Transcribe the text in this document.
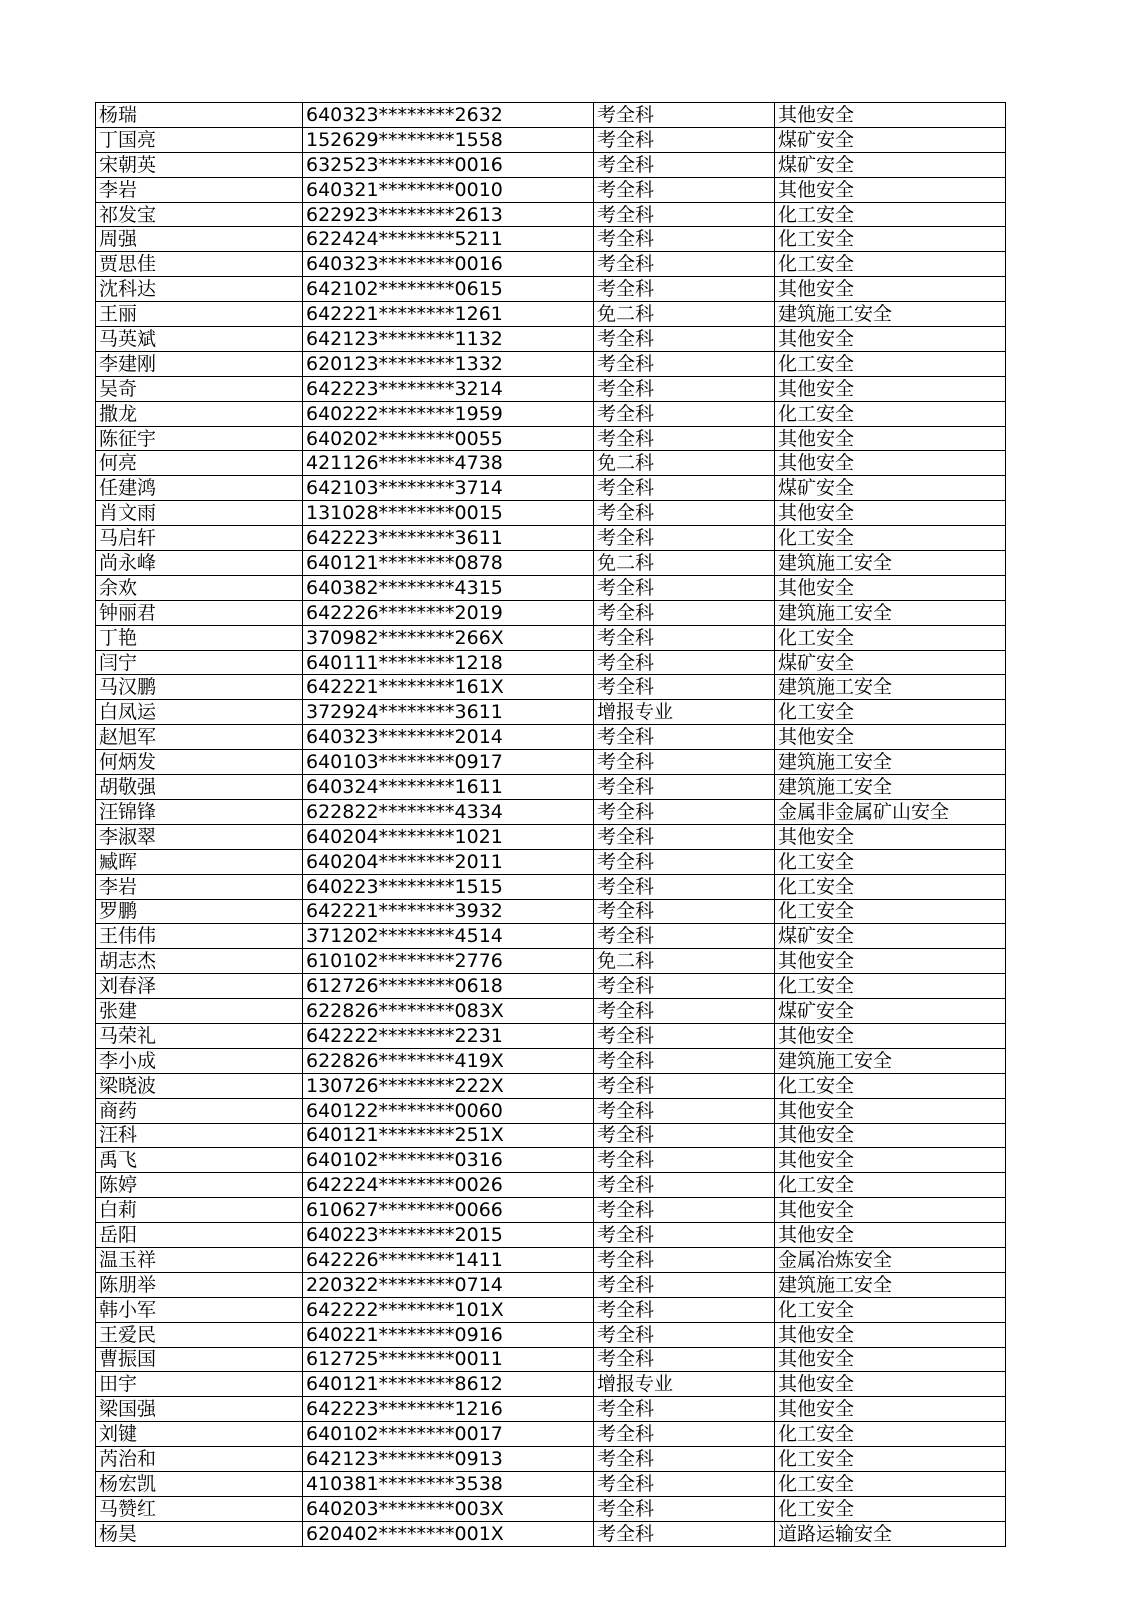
杨瑞	640323********2632	考全科	其他安全
丁国亮	152629********1558	考全科	煤矿安全
宋朝英	632523********0016	考全科	煤矿安全
李岩	640321********0010	考全科	其他安全
祁发宝	622923********2613	考全科	化工安全
周强	622424********5211	考全科	化工安全
贾思佳	640323********0016	考全科	化工安全
沈科达	642102********0615	考全科	其他安全
王丽	642221********1261	免二科	建筑施工安全
马英斌	642123********1132	考全科	其他安全
李建刚	620123********1332	考全科	化工安全
吴奇	642223********3214	考全科	其他安全
撒龙	640222********1959	考全科	化工安全
陈征宇	640202********0055	考全科	其他安全
何亮	421126********4738	免二科	其他安全
任建鸿	642103********3714	考全科	煤矿安全
肖文雨	131028********0015	考全科	其他安全
马启轩	642223********3611	考全科	化工安全
尚永峰	640121********0878	免二科	建筑施工安全
余欢	640382********4315	考全科	其他安全
钟丽君	642226********2019	考全科	建筑施工安全
丁艳	370982********266X	考全科	化工安全
闫宁	640111********1218	考全科	煤矿安全
马汉鹏	642221********161X	考全科	建筑施工安全
白凤运	372924********3611	增报专业	化工安全
赵旭军	640323********2014	考全科	其他安全
何炳发	640103********0917	考全科	建筑施工安全
胡敬强	640324********1611	考全科	建筑施工安全
汪锦锋	622822********4334	考全科	金属非金属矿山安全
李淑翠	640204********1021	考全科	其他安全
臧晖	640204********2011	考全科	化工安全
李岩	640223********1515	考全科	化工安全
罗鹏	642221********3932	考全科	化工安全
王伟伟	371202********4514	考全科	煤矿安全
胡志杰	610102********2776	免二科	其他安全
刘春泽	612726********0618	考全科	化工安全
张建	622826********083X	考全科	煤矿安全
马荣礼	642222********2231	考全科	其他安全
李小成	622826********419X	考全科	建筑施工安全
梁晓波	130726********222X	考全科	化工安全
商药	640122********0060	考全科	其他安全
汪科	640121********251X	考全科	其他安全
禹飞	640102********0316	考全科	其他安全
陈婷	642224********0026	考全科	化工安全
白莉	610627********0066	考全科	其他安全
岳阳	640223********2015	考全科	其他安全
温玉祥	642226********1411	考全科	金属冶炼安全
陈朋举	220322********0714	考全科	建筑施工安全
韩小军	642222********101X	考全科	化工安全
王爱民	640221********0916	考全科	其他安全
曹振国	612725********0011	考全科	其他安全
田宇	640121********8612	增报专业	其他安全
梁国强	642223********1216	考全科	其他安全
刘键	640102********0017	考全科	化工安全
芮治和	642123********0913	考全科	化工安全
杨宏凯	410381********3538	考全科	化工安全
马赞红	640203********003X	考全科	化工安全
杨昊	620402********001X	考全科	道路运输安全
